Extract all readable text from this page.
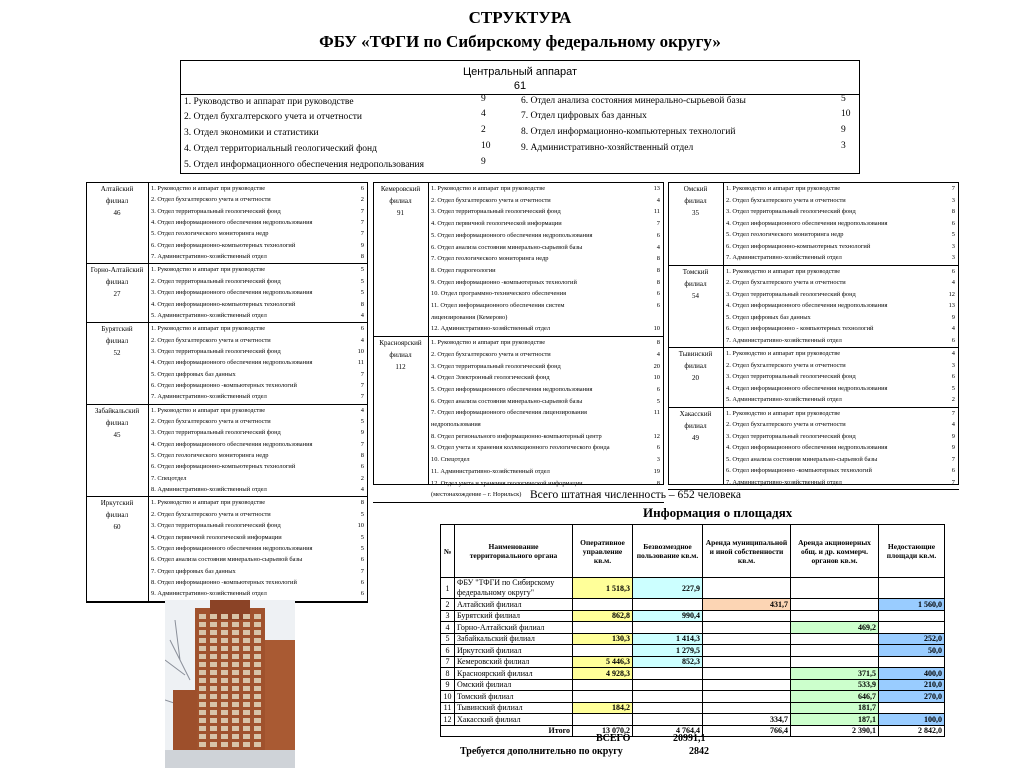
СТРУКТУРА
ФБУ «ТФГИ по Сибирскому федеральному округу»
Центральный аппарат
61
1. Руководство и аппарат при руководстве	9
2. Отдел бухгалтерского учета и отчетности	4
3. Отдел экономики и статистики	2
4. Отдел территориальный геологический фонд	10
5. Отдел информационного обеспечения недропользования	9
6. Отдел анализа состояния минерально-сырьевой базы	5
7. Отдел цифровых баз данных	10
8. Отдел информационно-компьютерных технологий	9
9. Административно-хозяйственный отдел	3
Алтайский
филиал
46
1. Руководство и аппарат при руководстве	6
2. Отдел бухгалтерского учета и отчетности	2
3. Отдел территориальный геологический фонд	7
4. Отдел информационного обеспечения недропользования	7
5. Отдел геологического мониторинга недр	7
6. Отдел информационно-компьютерных технологий	9
7. Административно-хозяйственный отдел	8
Горно-Алтайский
филиал
27
1. Руководство и аппарат при руководстве	5
2. Отдел территориальный геологический фонд	5
3. Отдел информационного обеспечения недропользования	5
4. Отдел информационно-компьютерных технологий	8
5. Административно-хозяйственный отдел	4
Бурятский
филиал
52
1. Руководство и аппарат при руководстве	6
2. Отдел бухгалтерского учета и отчетности	4
3. Отдел территориальный геологический фонд	10
4. Отдел информационного обеспечения недропользования	11
5. Отдел цифровых баз данных	7
6. Отдел информационно -компьютерных технологий	7
7. Административно-хозяйственный отдел	7
Забайкальский
филиал
45
1. Руководство и аппарат при руководстве	4
2. Отдел бухгалтерского учета и отчетности	5
3. Отдел территориальный геологический фонд	9
4. Отдел информационного обеспечения недропользования	7
5. Отдел геологического мониторинга недр	8
6. Отдел информационно-компьютерных технологий	6
7. Спецотдел	2
8. Административно-хозяйственный отдел	4
Иркутский
филиал
60
1. Руководство и аппарат при руководстве	8
2. Отдел бухгалтерского учета и отчетности	5
3. Отдел территориальный геологический фонд	10
4. Отдел первичной геологической информации	5
5. Отдел информационного обеспечения недропользования	5
6. Отдел анализа состояния минерально-сырьевой базы	6
7. Отдел цифровых баз данных	7
8. Отдел информационно -компьютерных технологий	6
9. Административно-хозяйственный отдел	6
Кемеровский
филиал
91
1. Руководство и аппарат при руководстве	13
2. Отдел бухгалтерского учета и отчетности	4
3. Отдел территориальный геологический фонд	11
4. Отдел первичной геологической информации	7
5. Отдел информационного обеспечения недропользования	6
6. Отдел анализа состояния минерально-сырьевой базы	4
7. Отдел геологического мониторинга недр	8
8. Отдел гидрогеологии	8
9. Отдел информационно -компьютерных технологий	8
10. Отдел программно-технического обеспечения	6
11. Отдел информационного обеспечения систем	6
лицензирования (Кемерово)
12. Административно-хозяйственный отдел	10
Красноярский
филиал
112
1. Руководство и аппарат при руководстве	8
2. Отдел бухгалтерского учета и отчетности	4
3. Отдел территориальный геологический фонд	20
4. Отдел Электронный геологический фонд	10
5. Отдел информационного обеспечения недропользования	6
6. Отдел анализа состояния минерально-сырьевой базы	5
7. Отдел информационного обеспечения лицензирования	11
недропользования
8. Отдел регионального информационно-компьютерный центр	12
9. Отдел учета и хранения коллекционного геологического фонда	6
10. Спецотдел	3
11. Административно-хозяйственный отдел	19
12. Отдел учета и хранения геологической информации	8
(местонахождение – г. Норильск)
Омский
филиал
35
1. Руководство и аппарат при руководстве	7
2. Отдел бухгалтерского учета и отчетности	3
3. Отдел территориальный геологический фонд	8
4. Отдел информационного обеспечения недропользования	6
5. Отдел геологического мониторинга недр	5
6. Отдел информационно-компьютерных технологий	3
7. Административно-хозяйственный отдел	3
Томский
филиал
54
1. Руководство и аппарат при руководстве	6
2. Отдел бухгалтерского учета и отчетности	4
3. Отдел территориальный геологический фонд	12
4. Отдел информационного обеспечения недропользования	13
5. Отдел цифровых баз данных	9
6. Отдел информационно - компьютерных технологий	4
7. Административно-хозяйственный отдел	6
Тывинский
филиал
20
1. Руководство и аппарат при руководстве	4
2. Отдел бухгалтерского учета и отчетности	3
3. Отдел территориальный геологический фонд	6
4. Отдел информационного обеспечения недропользования	5
5. Административно-хозяйственный отдел	2
Хакасский
филиал
49
1. Руководство и аппарат при руководстве	7
2. Отдел бухгалтерского учета и отчетности	4
3. Отдел территориальный геологический фонд	9
4. Отдел информационного обеспечения недропользования	9
5. Отдел анализа состояния минерально-сырьевой базы	7
6. Отдел информационно -компьютерных технологий	6
7. Административно-хозяйственный отдел	7
Всего штатная численность – 652 человека
Информация о площадях
№	Наименование территориального органа	Оперативное управление кв.м.	Безвозмездное пользование кв.м.	Аренда муниципальной и иной собственности кв.м.	Аренда акционерных общ. и др. коммерч. органов кв.м.	Недостающие площади кв.м.
1	ФБУ "ТФГИ по Сибирскому федеральному округу"	1 518,3	227,9			
2	Алтайский филиал			431,7		1 560,0
3	Бурятский филиал	862,8	990,4			
4	Горно-Алтайский филиал				469,2	
5	Забайкальский филиал	130,3	1 414,3			252,0
6	Иркутский филиал		1 279,5			50,0
7	Кемеровский филиал	5 446,3	852,3			
8	Красноярский филиал	4 928,3			371,5	400,0
9	Омский филиал				533,9	210,0
10	Томский филиал				646,7	270,0
11	Тывинский филиал	184,2			181,7	
12	Хакасский филиал			334,7	187,1	100,0
Итого		13 070,2	4 764,4	766,4	2 390,1	2 842,0
ВСЕГО	20991,1
Требуется дополнительно по округу	2842
